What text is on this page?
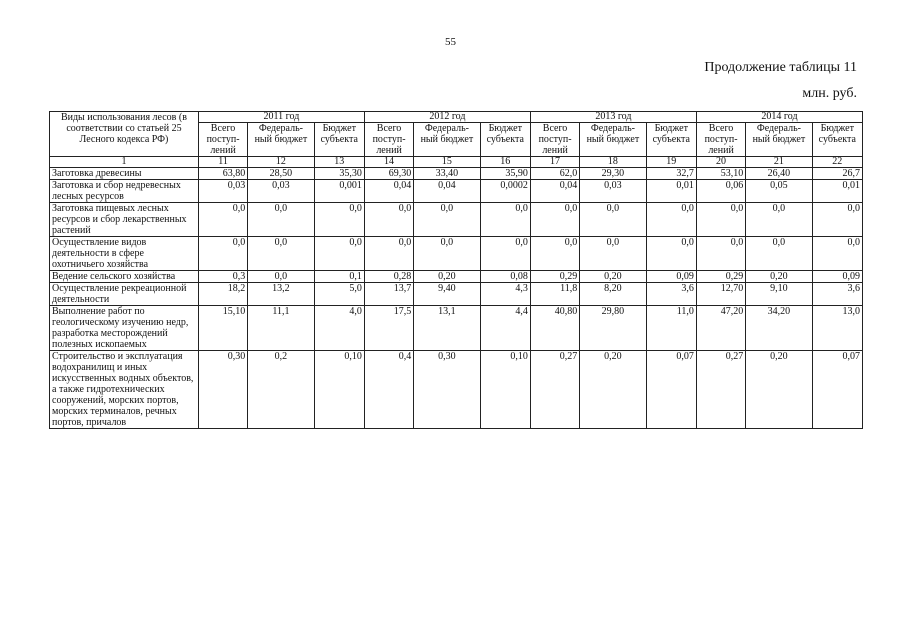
55
Продолжение таблицы 11
млн. руб.
Виды использования лесов (в соответствии со статьей 25 Лесного кодекса РФ)	2011 год			2012 год			2013 год			2014 год		
	Всего поступ-лений	Федераль-ный бюджет	Бюджет субъекта	Всего поступ-лений	Федераль-ный бюджет	Бюджет субъекта	Всего поступ-лений	Федераль-ный бюджет	Бюджет субъекта	Всего поступ-лений	Федераль-ный бюджет	Бюджет субъекта
1	11	12	13	14	15	16	17	18	19	20	21	22
Заготовка древесины	63,80	28,50	35,30	69,30	33,40	35,90	62,0	29,30	32,7	53,10	26,40	26,7
Заготовка и сбор недревесных лесных ресурсов	0,03	0,03	0,001	0,04	0,04	0,0002	0,04	0,03	0,01	0,06	0,05	0,01
Заготовка пищевых лесных ресурсов и сбор лекарственных растений	0,0	0,0	0,0	0,0	0,0	0,0	0,0	0,0	0,0	0,0	0,0	0,0
Осуществление видов деятельности в сфере охотничьего хозяйства	0,0	0,0	0,0	0,0	0,0	0,0	0,0	0,0	0,0	0,0	0,0	0,0
Ведение сельского хозяйства	0,3	0,0	0,1	0,28	0,20	0,08	0,29	0,20	0,09	0,29	0,20	0,09
Осуществление рекреационной деятельности	18,2	13,2	5,0	13,7	9,40	4,3	11,8	8,20	3,6	12,70	9,10	3,6
Выполнение работ по геологическому изучению недр, разработка месторождений полезных ископаемых	15,10	11,1	4,0	17,5	13,1	4,4	40,80	29,80	11,0	47,20	34,20	13,0
Строительство и эксплуатация водохранилищ и иных искусственных водных объектов, а также гидротехнических сооружений, морских портов, морских терминалов, речных портов, причалов	0,30	0,2	0,10	0,4	0,30	0,10	0,27	0,20	0,07	0,27	0,20	0,07
